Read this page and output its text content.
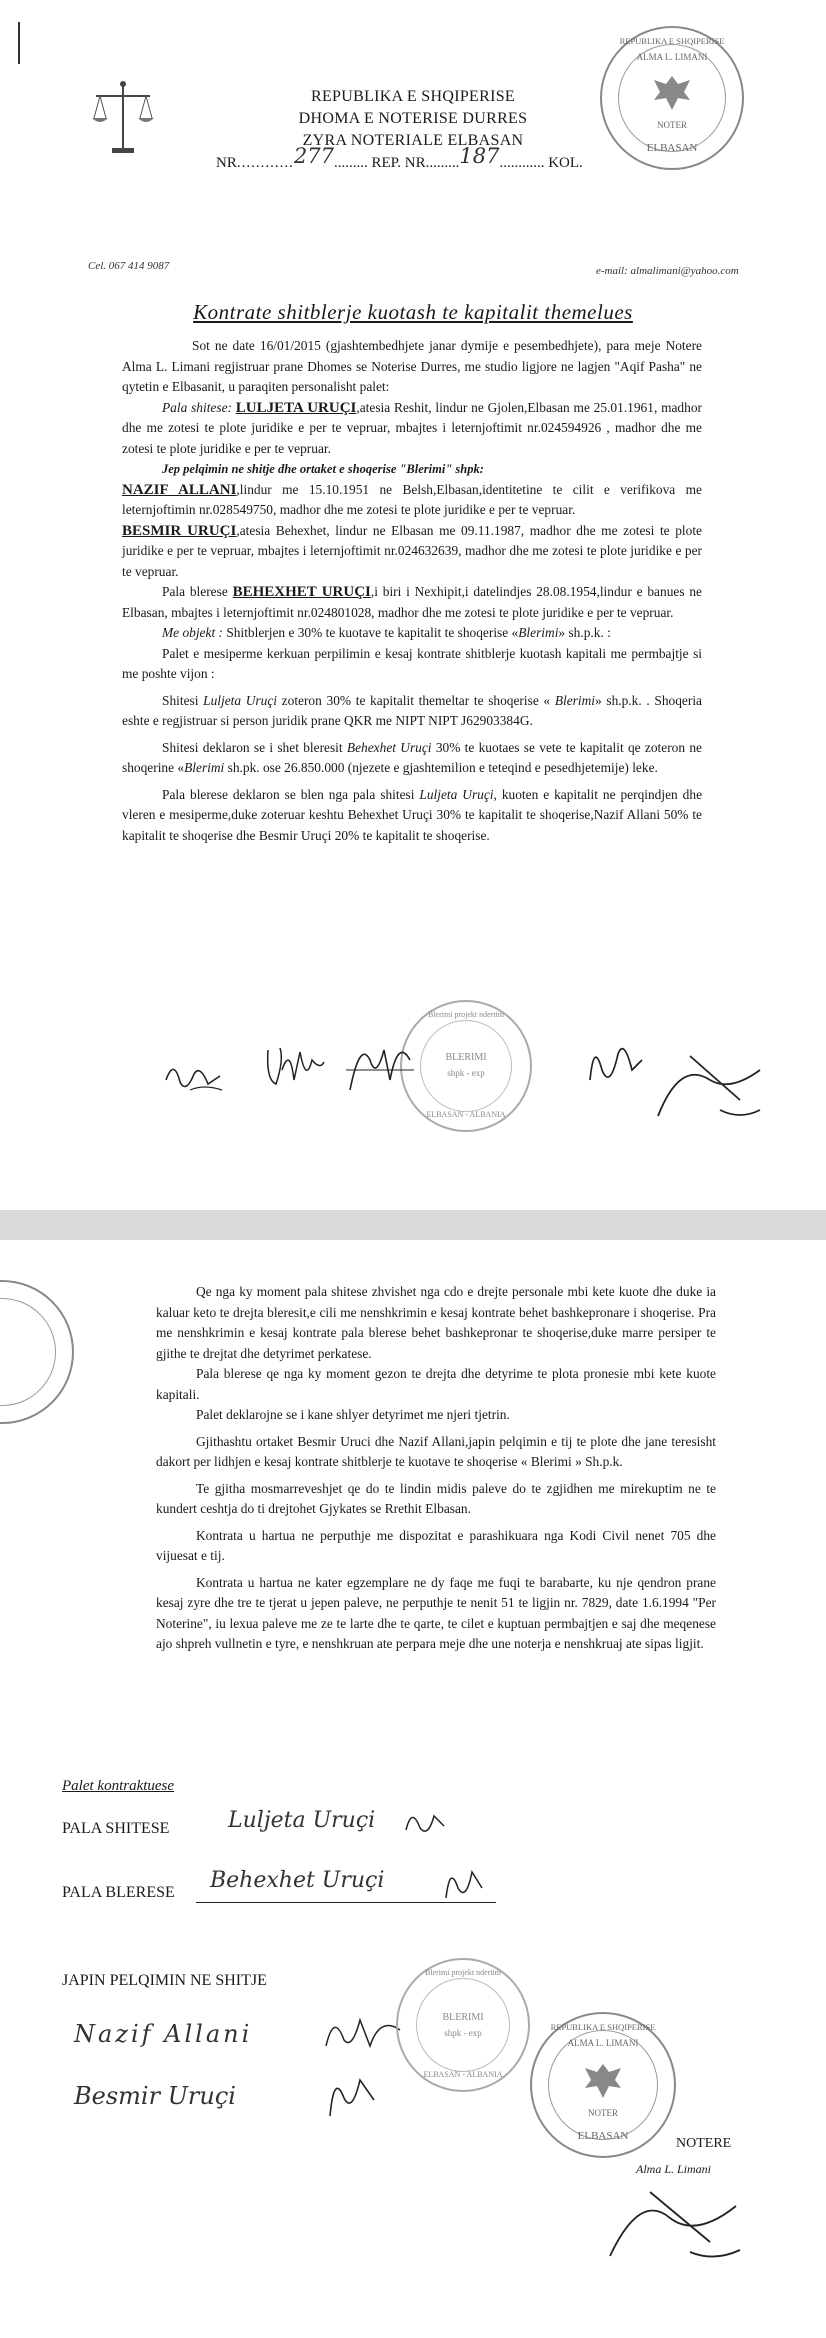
REPUBLIKA E SHQIPERISE
DHOMA E NOTERISE DURRES
ZYRA NOTERIALE ELBASAN
NR............277......... REP. NR.........187............ KOL.
Cel. 067 414 9087	e-mail: almalimani@yahoo.com
REPUBLIKA E SHQIPERISE
ALMA L. LIMANI
NOTER
ELBASAN
Kontrate shitblerje kuotash te kapitalit themelues

Sot ne date 16/01/2015 (gjashtembedhjete janar dymije e pesembedhjete), para meje Notere Alma L. Limani regjistruar prane Dhomes se Noterise Durres, me studio ligjore ne lagjen "Aqif Pasha" ne qytetin e Elbasanit, u paraqiten personalisht palet:

Pala shitese: LULJETA URUÇI,atesia Reshit, lindur ne Gjolen,Elbasan me 25.01.1961, madhor dhe me zotesi te plote juridike e per te vepruar, mbajtes i leternjoftimit nr.024594926 , madhor dhe me zotesi te plote juridike e per te vepruar.

Jep pelqimin ne shitje dhe ortaket e shoqerise "Blerimi" shpk:

NAZIF ALLANI,lindur me 15.10.1951 ne Belsh,Elbasan,identitetine te cilit e verifikova me leternjoftimin nr.028549750, madhor dhe me zotesi te plote juridike e per te vepruar.

BESMIR URUÇI,atesia Behexhet, lindur ne Elbasan me 09.11.1987, madhor dhe me zotesi te plote juridike e per te vepruar, mbajtes i leternjoftimit nr.024632639, madhor dhe me zotesi te plote juridike e per te vepruar.

Pala blerese BEHEXHET URUÇI,i biri i Nexhipit,i datelindjes 28.08.1954,lindur e banues ne Elbasan, mbajtes i leternjoftimit nr.024801028, madhor dhe me zotesi te plote juridike e per te vepruar.

Me objekt : Shitblerjen e 30% te kuotave te kapitalit te shoqerise «Blerimi» sh.p.k. :

Palet e mesiperme kerkuan perpilimin e kesaj kontrate shitblerje kuotash kapitali me permbajtje si me poshte vijon :

Shitesi Luljeta Uruçi zoteron 30% te kapitalit themeltar te shoqerise « Blerimi» sh.p.k. . Shoqeria eshte e regjistruar si person juridik prane QKR me NIPT NIPT J62903384G.

Shitesi deklaron se i shet bleresit Behexhet Uruçi 30% te kuotaes se vete te kapitalit qe zoteron ne shoqerine «Blerimi sh.pk. ose 26.850.000 (njezete e gjashtemilion e teteqind e pesedhjetemije) leke.

Pala blerese deklaron se blen nga pala shitesi Luljeta Uruçi, kuoten e kapitalit ne perqindjen dhe vleren e mesiperme,duke zoteruar keshtu Behexhet Uruçi 30% te kapitalit te shoqerise,Nazif Allani 50% te kapitalit te shoqerise dhe Besmir Uruçi 20% te kapitalit te shoqerise.

Blerimi projekt ndertim
BLERIMI
shpk - exp
ELBASAN - ALBANIA

Qe nga ky moment pala shitese zhvishet nga cdo e drejte personale mbi kete kuote dhe duke ia kaluar keto te drejta bleresit,e cili me nenshkrimin e kesaj kontrate behet bashkepronare i shoqerise. Pra me nenshkrimin e kesaj kontrate pala blerese behet bashkepronar te shoqerise,duke marre persiper te gjithe te drejtat dhe detyrimet perkatese.

Pala blerese qe nga ky moment gezon te drejta dhe detyrime te plota pronesie mbi kete kuote kapitali.

Palet deklarojne se i kane shlyer detyrimet me njeri tjetrin.

Gjithashtu ortaket Besmir Uruci dhe Nazif Allani,japin pelqimin e tij te plote dhe jane teresisht dakort per lidhjen e kesaj kontrate shitblerje te kuotave te shoqerise « Blerimi » Sh.p.k.

Te gjitha mosmarreveshjet qe do te lindin midis paleve do te zgjidhen me mirekuptim ne te kundert ceshtja do ti drejtohet Gjykates se Rrethit Elbasan.

Kontrata u hartua ne perputhje me dispozitat e parashikuara nga Kodi Civil nenet 705 dhe vijuesat e tij.

Kontrata u hartua ne kater egzemplare ne dy faqe me fuqi te barabarte, ku nje qendron prane kesaj zyre dhe tre te tjerat u jepen paleve, ne perputhje te nenit 51 te ligjin nr. 7829, date 1.6.1994 "Per Noterine", iu lexua paleve me ze te larte dhe te qarte, te cilet e kuptuan permbajtjen e saj dhe meqenese ajo shpreh vullnetin e tyre, e nenshkruan ate perpara meje dhe une noterja e nenshkruaj ate sipas ligjit.

Palet kontraktuese
PALA SHITESE	Luljeta Uruçi
PALA BLERESE Behexhet Uruçi
JAPIN PELQIMIN NE SHITJE
Nazif Allani
Besmir Uruçi
Blerimi projekt ndertim
BLERIMI
shpk - exp
ELBASAN - ALBANIA
REPUBLIKA E SHQIPERISE
ALMA L. LIMANI
NOTER
ELBASAN	NOTERE
Alma L. Limani
